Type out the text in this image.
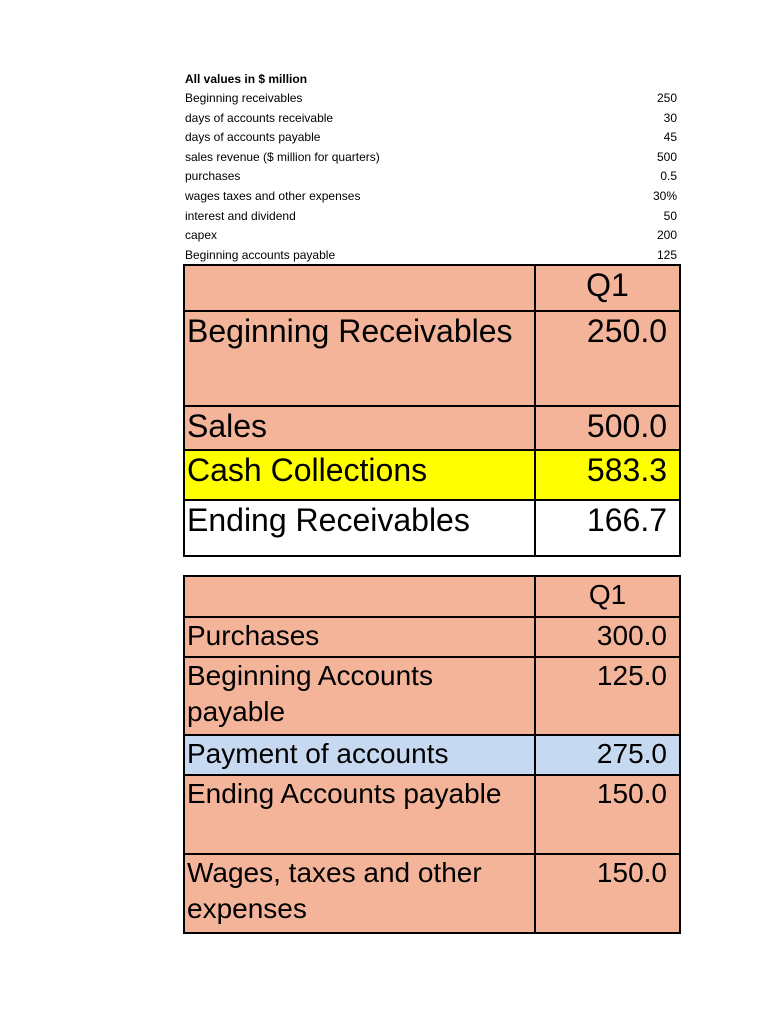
All values in $ million
Beginning receivables	250
days of accounts receivable	30
days of accounts payable	45
sales revenue ($ million for quarters)	500
purchases	0.5
wages taxes and other expenses	30%
interest and dividend	50
capex	200
Beginning accounts payable	125
	Q1
Beginning Receivables	250.0
Sales	500.0
Cash Collections	583.3
Ending Receivables	166.7
	Q1
Purchases	300.0
Beginning Accounts payable	125.0
Payment of accounts	275.0
Ending Accounts payable	150.0
Wages, taxes and other expenses	150.0
